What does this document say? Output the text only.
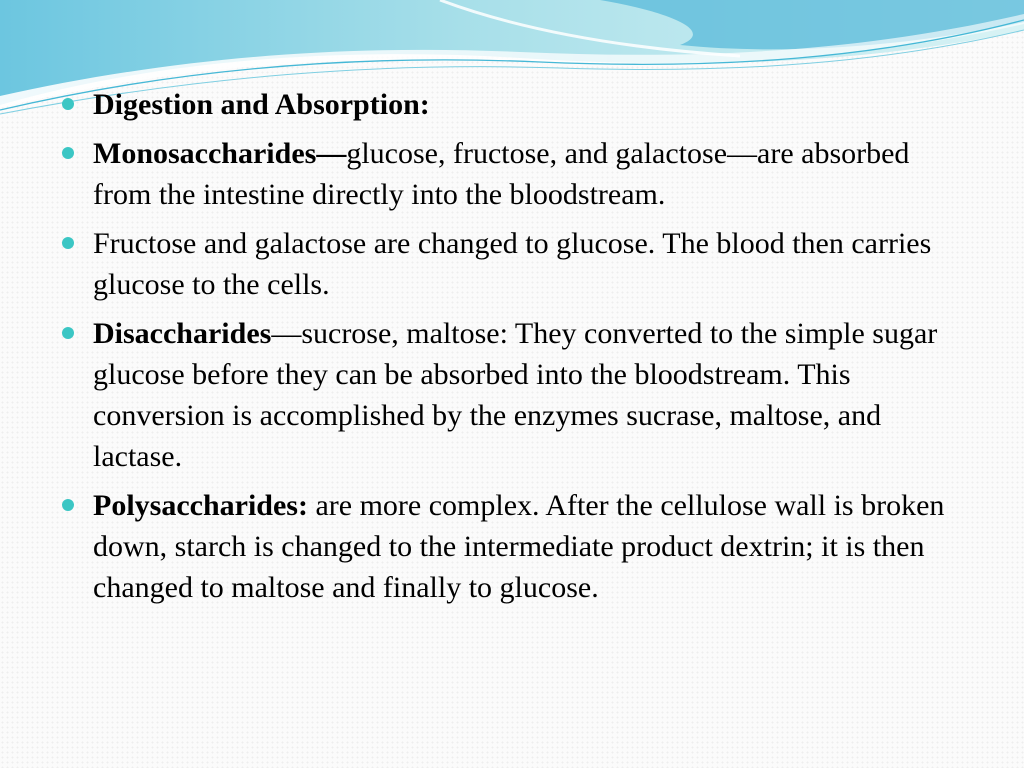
Digestion and Absorption:
Monosaccharides—glucose, fructose, and galactose—are absorbed from the intestine directly into the bloodstream.
Fructose and galactose are changed to glucose. The blood then carries glucose to the cells.
Disaccharides—sucrose, maltose: They converted to the simple sugar glucose before they can be absorbed into the bloodstream. This conversion is accomplished by the enzymes sucrase, maltose, and lactase.
Polysaccharides: are more complex. After the cellulose wall is broken down, starch is changed to the intermediate product dextrin; it is then changed to maltose and finally to glucose.
